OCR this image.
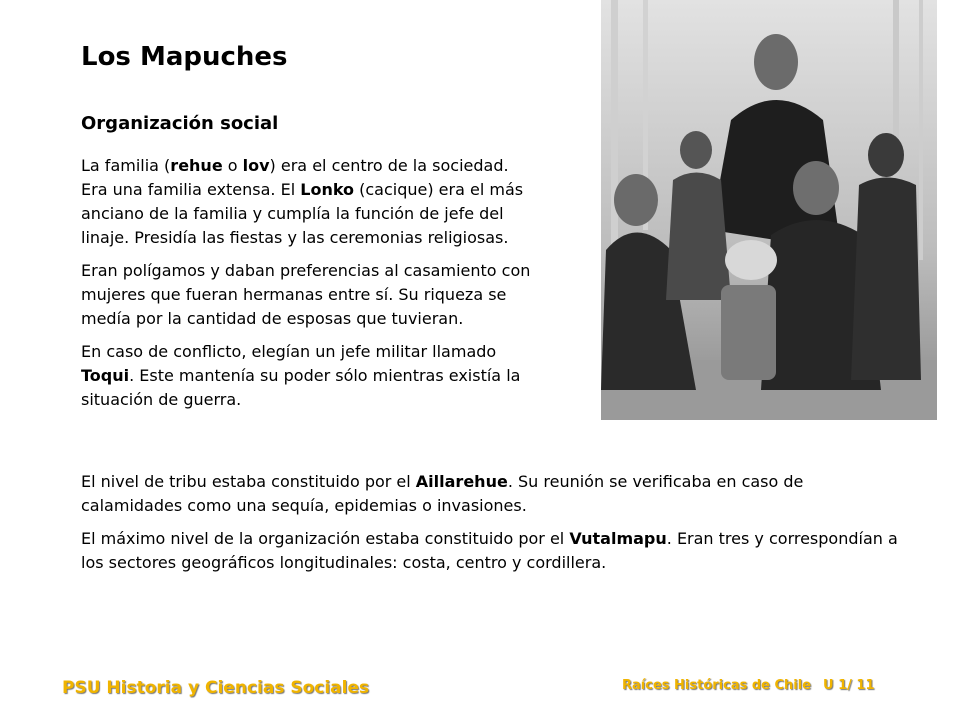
Los Mapuches
Organización social

La familia (rehue o lov) era el centro de la sociedad. Era una familia extensa. El Lonko (cacique) era el más anciano de la familia y cumplía la función de jefe del linaje. Presidía las fiestas y las ceremonias religiosas.

Eran polígamos y daban preferencias al casamiento con mujeres que fueran hermanas entre sí. Su riqueza se medía por la cantidad de esposas que tuvieran.

En caso de conflicto, elegían un jefe militar llamado Toqui. Este mantenía su poder sólo mientras existía la situación de guerra.

El nivel de tribu estaba constituido por el Aillarehue. Su reunión se verificaba en caso de calamidades como una sequía, epidemias o invasiones.

El máximo nivel de la organización estaba constituido por el Vutalmapu. Eran tres y correspondían a los sectores geográficos longitudinales: costa, centro y cordillera.

PSU Historia y Ciencias Sociales	Raíces Históricas de Chile U 1/ 11
